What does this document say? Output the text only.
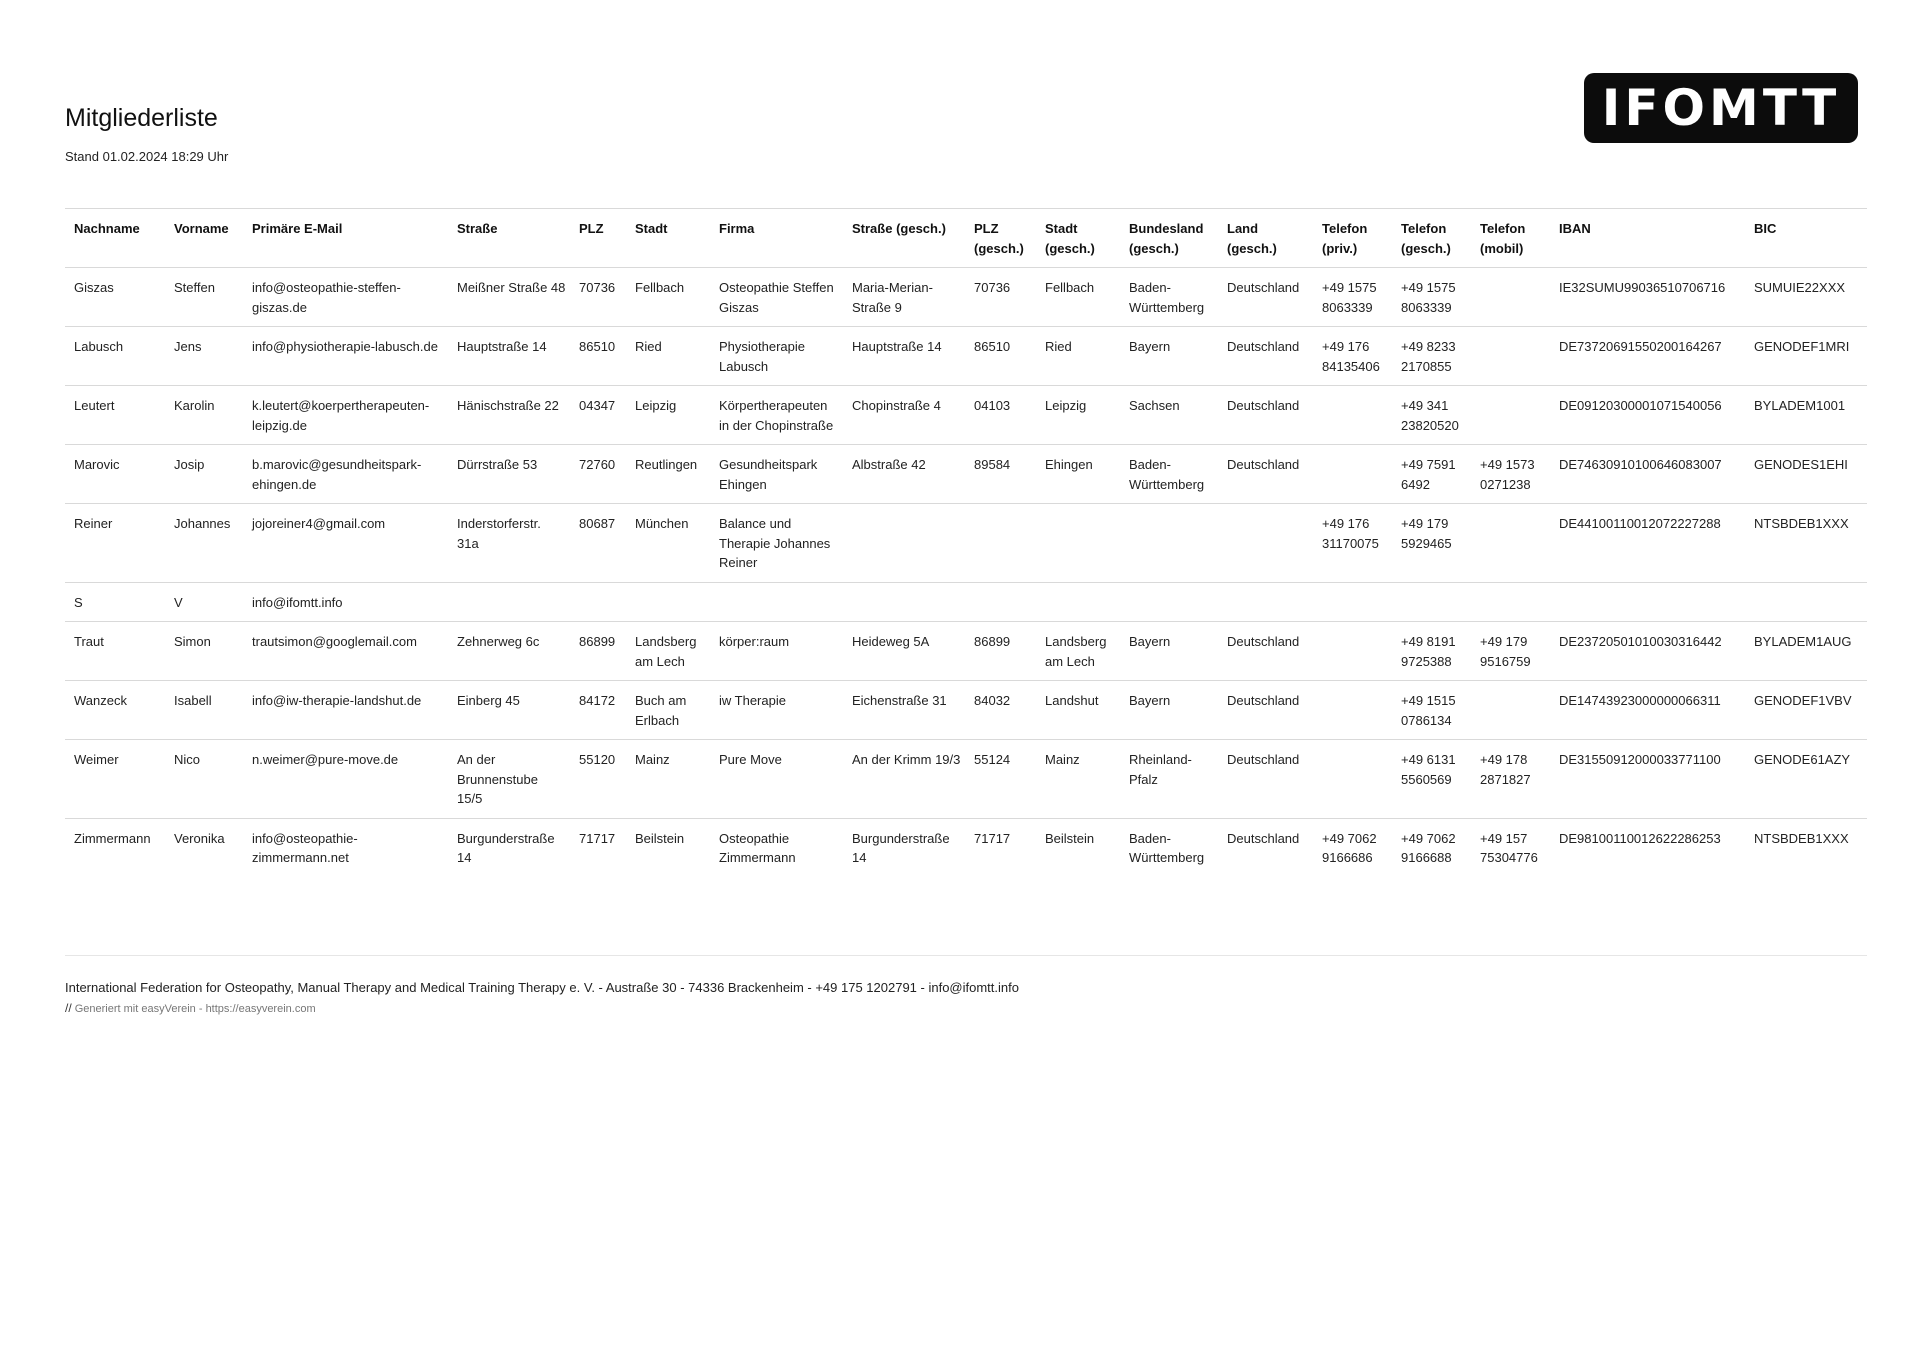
Mitgliederliste
Stand 01.02.2024 18:29 Uhr
IFOMTT
Nachname	Vorname	Primäre E-Mail	Straße	PLZ	Stadt	Firma	Straße (gesch.)	PLZ (gesch.)	Stadt (gesch.)	Bundesland (gesch.)	Land (gesch.)	Telefon (priv.)	Telefon (gesch.)	Telefon (mobil)	IBAN	BIC
Giszas	Steffen	info@osteopathie-steffen-giszas.de	Meißner Straße 48	70736	Fellbach	Osteopathie Steffen Giszas	Maria-Merian-Straße 9	70736	Fellbach	Baden-Württemberg	Deutschland	+49 1575 8063339	+49 1575 8063339		IE32SUMU99036510706716	SUMUIE22XXX
Labusch	Jens	info@physiotherapie-labusch.de	Hauptstraße 14	86510	Ried	Physiotherapie Labusch	Hauptstraße 14	86510	Ried	Bayern	Deutschland	+49 176 84135406	+49 8233 2170855		DE73720691550200164267	GENODEF1MRI
Leutert	Karolin	k.leutert@koerpertherapeuten-leipzig.de	Hänischstraße 22	04347	Leipzig	Körpertherapeuten in der Chopinstraße	Chopinstraße 4	04103	Leipzig	Sachsen	Deutschland		+49 341 23820520		DE09120300001071540056	BYLADEM1001
Marovic	Josip	b.marovic@gesundheitspark-ehingen.de	Dürrstraße 53	72760	Reutlingen	Gesundheitspark Ehingen	Albstraße 42	89584	Ehingen	Baden-Württemberg	Deutschland		+49 7591 6492	+49 1573 0271238	DE74630910100646083007	GENODES1EHI
Reiner	Johannes	jojoreiner4@gmail.com	Inderstorferstr. 31a	80687	München	Balance und Therapie Johannes Reiner						+49 176 31170075	+49 179 5929465		DE44100110012072227288	NTSBDEB1XXX
S	V	info@ifomtt.info														
Traut	Simon	trautsimon@googlemail.com	Zehnerweg 6c	86899	Landsberg am Lech	körper:raum	Heideweg 5A	86899	Landsberg am Lech	Bayern	Deutschland		+49 8191 9725388	+49 179 9516759	DE23720501010030316442	BYLADEM1AUG
Wanzeck	Isabell	info@iw-therapie-landshut.de	Einberg 45	84172	Buch am Erlbach	iw Therapie	Eichenstraße 31	84032	Landshut	Bayern	Deutschland		+49 1515 0786134		DE14743923000000066311	GENODEF1VBV
Weimer	Nico	n.weimer@pure-move.de	An der Brunnenstube 15/5	55120	Mainz	Pure Move	An der Krimm 19/3	55124	Mainz	Rheinland-Pfalz	Deutschland		+49 6131 5560569	+49 178 2871827	DE31550912000033771100	GENODE61AZY
Zimmermann	Veronika	info@osteopathie-zimmermann.net	Burgunderstraße 14	71717	Beilstein	Osteopathie Zimmermann	Burgunderstraße 14	71717	Beilstein	Baden-Württemberg	Deutschland	+49 7062 9166686	+49 7062 9166688	+49 157 75304776	DE98100110012622286253	NTSBDEB1XXX
International Federation for Osteopathy, Manual Therapy and Medical Training Therapy e. V. - Austraße 30 - 74336 Brackenheim - +49 175 1202791 - info@ifomtt.info
// Generiert mit easyVerein - https://easyverein.com
